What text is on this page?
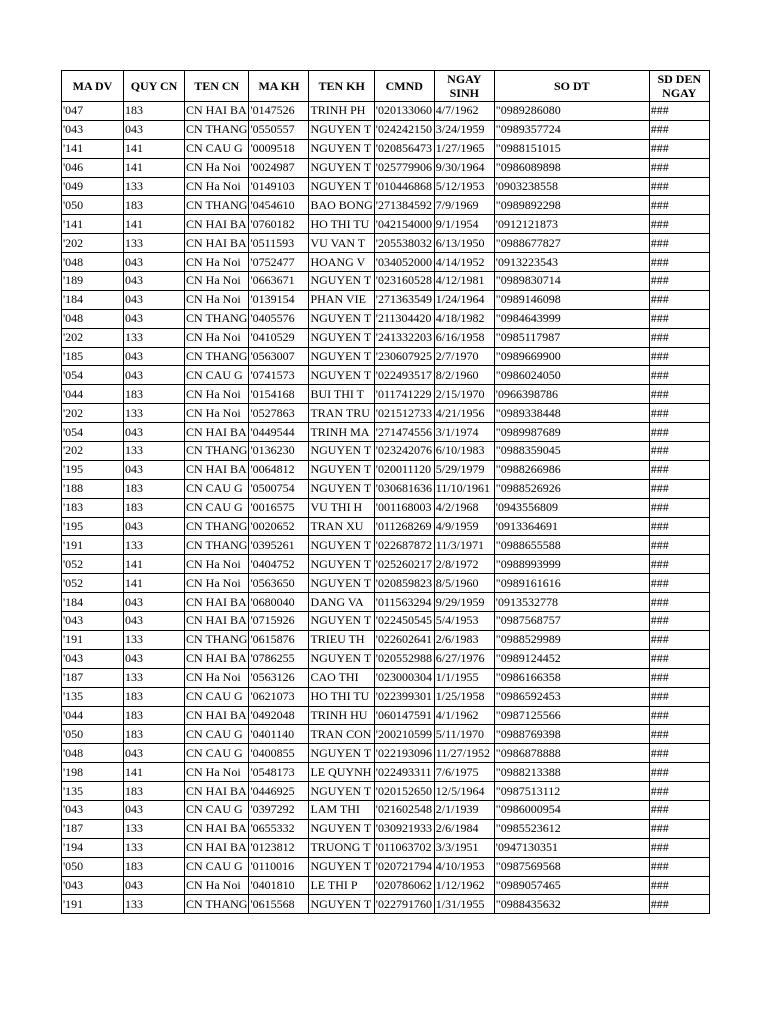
MA DV	QUY CN	TEN CN	MA KH	TEN KH	CMND	NGAY SINH	SO DT	SD DEN NGAY
'047	183	CN HAI BA	'0147526	TRINH PH	'020133060	4/7/1962	"0989286080	###
'043	043	CN THANG	'0550557	NGUYEN T	'024242150	3/24/1959	"0989357724	###
'141	141	CN CAU G	'0009518	NGUYEN T	'020856473	1/27/1965	"0988151015	###
'046	141	CN Ha Noi	'0024987	NGUYEN T	'025779906	9/30/1964	"0986089898	###
'049	133	CN Ha Noi	'0149103	NGUYEN T	'010446868	5/12/1953	'0903238558	###
'050	183	CN THANG	'0454610	BAO BONG	'271384592	7/9/1969	"0989892298	###
'141	141	CN HAI BA	'0760182	HO THI TU	'042154000	9/1/1954	'0912121873	###
'202	133	CN HAI BA	'0511593	VU VAN T	'205538032	6/13/1950	"0988677827	###
'048	043	CN Ha Noi	'0752477	HOANG V	'034052000	4/14/1952	'0913223543	###
'189	043	CN Ha Noi	'0663671	NGUYEN T	'023160528	4/12/1981	"0989830714	###
'184	043	CN Ha Noi	'0139154	PHAN VIE	'271363549	1/24/1964	"0989146098	###
'048	043	CN THANG	'0405576	NGUYEN T	'211304420	4/18/1982	"0984643999	###
'202	133	CN Ha Noi	'0410529	NGUYEN T	'241332203	6/16/1958	"0985117987	###
'185	043	CN THANG	'0563007	NGUYEN T	'230607925	2/7/1970	"0989669900	###
'054	043	CN CAU G	'0741573	NGUYEN T	'022493517	8/2/1960	"0986024050	###
'044	183	CN Ha Noi	'0154168	BUI THI T	'011741229	2/15/1970	'0966398786	###
'202	133	CN Ha Noi	'0527863	TRAN TRU	'021512733	4/21/1956	"0989338448	###
'054	043	CN HAI BA	'0449544	TRINH MA	'271474556	3/1/1974	"0989987689	###
'202	133	CN THANG	'0136230	NGUYEN T	'023242076	6/10/1983	"0988359045	###
'195	043	CN HAI BA	'0064812	NGUYEN T	'020011120	5/29/1979	"0988266986	###
'188	183	CN CAU G	'0500754	NGUYEN T	'030681636	11/10/1961	"0988526926	###
'183	183	CN CAU G	'0016575	VU THI H	'001168003	4/2/1968	'0943556809	###
'195	043	CN THANG	'0020652	TRAN XU	'011268269	4/9/1959	'0913364691	###
'191	133	CN THANG	'0395261	NGUYEN T	'022687872	11/3/1971	"0988655588	###
'052	141	CN Ha Noi	'0404752	NGUYEN T	'025260217	2/8/1972	"0988993999	###
'052	141	CN Ha Noi	'0563650	NGUYEN T	'020859823	8/5/1960	"0989161616	###
'184	043	CN HAI BA	'0680040	DANG VA	'011563294	9/29/1959	'0913532778	###
'043	043	CN HAI BA	'0715926	NGUYEN T	'022450545	5/4/1953	"0987568757	###
'191	133	CN THANG	'0615876	TRIEU TH	'022602641	2/6/1983	"0988529989	###
'043	043	CN HAI BA	'0786255	NGUYEN T	'020552988	6/27/1976	"0989124452	###
'187	133	CN Ha Noi	'0563126	CAO THI	'023000304	1/1/1955	"0986166358	###
'135	183	CN CAU G	'0621073	HO THI TU	'022399301	1/25/1958	"0986592453	###
'044	183	CN HAI BA	'0492048	TRINH HU	'060147591	4/1/1962	"0987125566	###
'050	183	CN CAU G	'0401140	TRAN CON	'200210599	5/11/1970	"0988769398	###
'048	043	CN CAU G	'0400855	NGUYEN T	'022193096	11/27/1952	"0986878888	###
'198	141	CN Ha Noi	'0548173	LE QUYNH	'022493311	7/6/1975	"0988213388	###
'135	183	CN HAI BA	'0446925	NGUYEN T	'020152650	12/5/1964	"0987513112	###
'043	043	CN CAU G	'0397292	LAM THI	'021602548	2/1/1939	"0986000954	###
'187	133	CN HAI BA	'0655332	NGUYEN T	'030921933	2/6/1984	"0985523612	###
'194	133	CN HAI BA	'0123812	TRUONG T	'011063702	3/3/1951	'0947130351	###
'050	183	CN CAU G	'0110016	NGUYEN T	'020721794	4/10/1953	"0987569568	###
'043	043	CN Ha Noi	'0401810	LE THI P	'020786062	1/12/1962	"0989057465	###
'191	133	CN THANG	'0615568	NGUYEN T	'022791760	1/31/1955	"0988435632	###
